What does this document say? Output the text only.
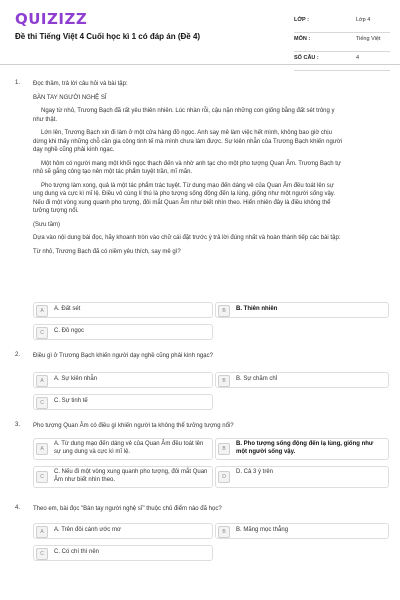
QUIZIZZ
Đề thi Tiếng Việt 4 Cuối học kì 1 có đáp án (Đề 4)
LỚP :	Lớp 4
MÔN :	Tiếng Việt
SỐ CÂU :	4
1. Đọc thầm, trả lời câu hỏi và bài tập:

BÀN TAY NGƯỜI NGHỆ SĨ

Ngay từ nhỏ, Trương Bạch đã rất yêu thiên nhiên. Lúc nhàn rỗi, cậu nặn những con giống bằng đất sét trông y

như thật.

Lớn lên, Trương Bạch xin đi làm ở một cửa hàng đồ ngọc. Anh say mê làm việc hết mình, không bao giờ chịu

dừng khi thấy những chỗ cần gia công tinh tế mà mình chưa làm được. Sự kiên nhẫn của Trương Bạch khiến người

dạy nghề cũng phải kinh ngạc.

Một hôm có người mang một khối ngọc thạch đến và nhờ anh tạc cho một pho tượng Quan Âm. Trương Bạch tự

nhủ sẽ gắng công tạo nên một tác phẩm tuyệt trần, mĩ mãn.

Pho tượng làm xong, quả là một tác phẩm trác tuyệt. Từ dung mạo đến dáng vẻ của Quan Âm đều toát lên sự

ung dung và cực kì mĩ lệ. Điều vô cùng lí thú là pho tượng sống động đến lạ lùng, giống như một người sống vậy.

Nếu đi một vòng xung quanh pho tượng, đôi mắt Quan Âm như biết nhìn theo. Hiển nhiên đây là điều không thể

tưởng tượng nổi.

(Sưu tầm)

Dựa vào nội dung bài đọc, hãy khoanh tròn vào chữ cái đặt trước ý trả lời đúng nhất và hoàn thành tiếp các bài tập:

Từ nhỏ, Trương Bạch đã có niềm yêu thích, say mê gì?

A	A. Đất sét	B	B. Thiên nhiên
C	C. Đồ ngọc
2. Điều gì ở Trương Bạch khiến người dạy nghề cũng phải kinh ngạc?

A	A. Sự kiên nhẫn	B	B. Sự chăm chỉ
C	C. Sự tinh tế
3. Pho tượng Quan Âm có điều gì khiến người ta không thể tưởng tượng nổi?

A
A. Từ dung mạo đến dáng vẻ của Quan Âm đều toát lên sự ung dung và cực kì mĩ lệ.	B
B. Pho tượng sống động đến lạ lùng, giống như một người sống vậy.
C
C. Nếu đi một vòng xung quanh pho tượng, đôi mắt Quan Âm như biết nhìn theo.	D
D. Cả 3 ý trên
4. Theo em, bài đọc "Bàn tay người nghệ sĩ" thuộc chủ điểm nào đã học?

A	A. Trên đôi cánh ước mơ	B	B. Măng mọc thẳng
C	C. Có chí thì nên
